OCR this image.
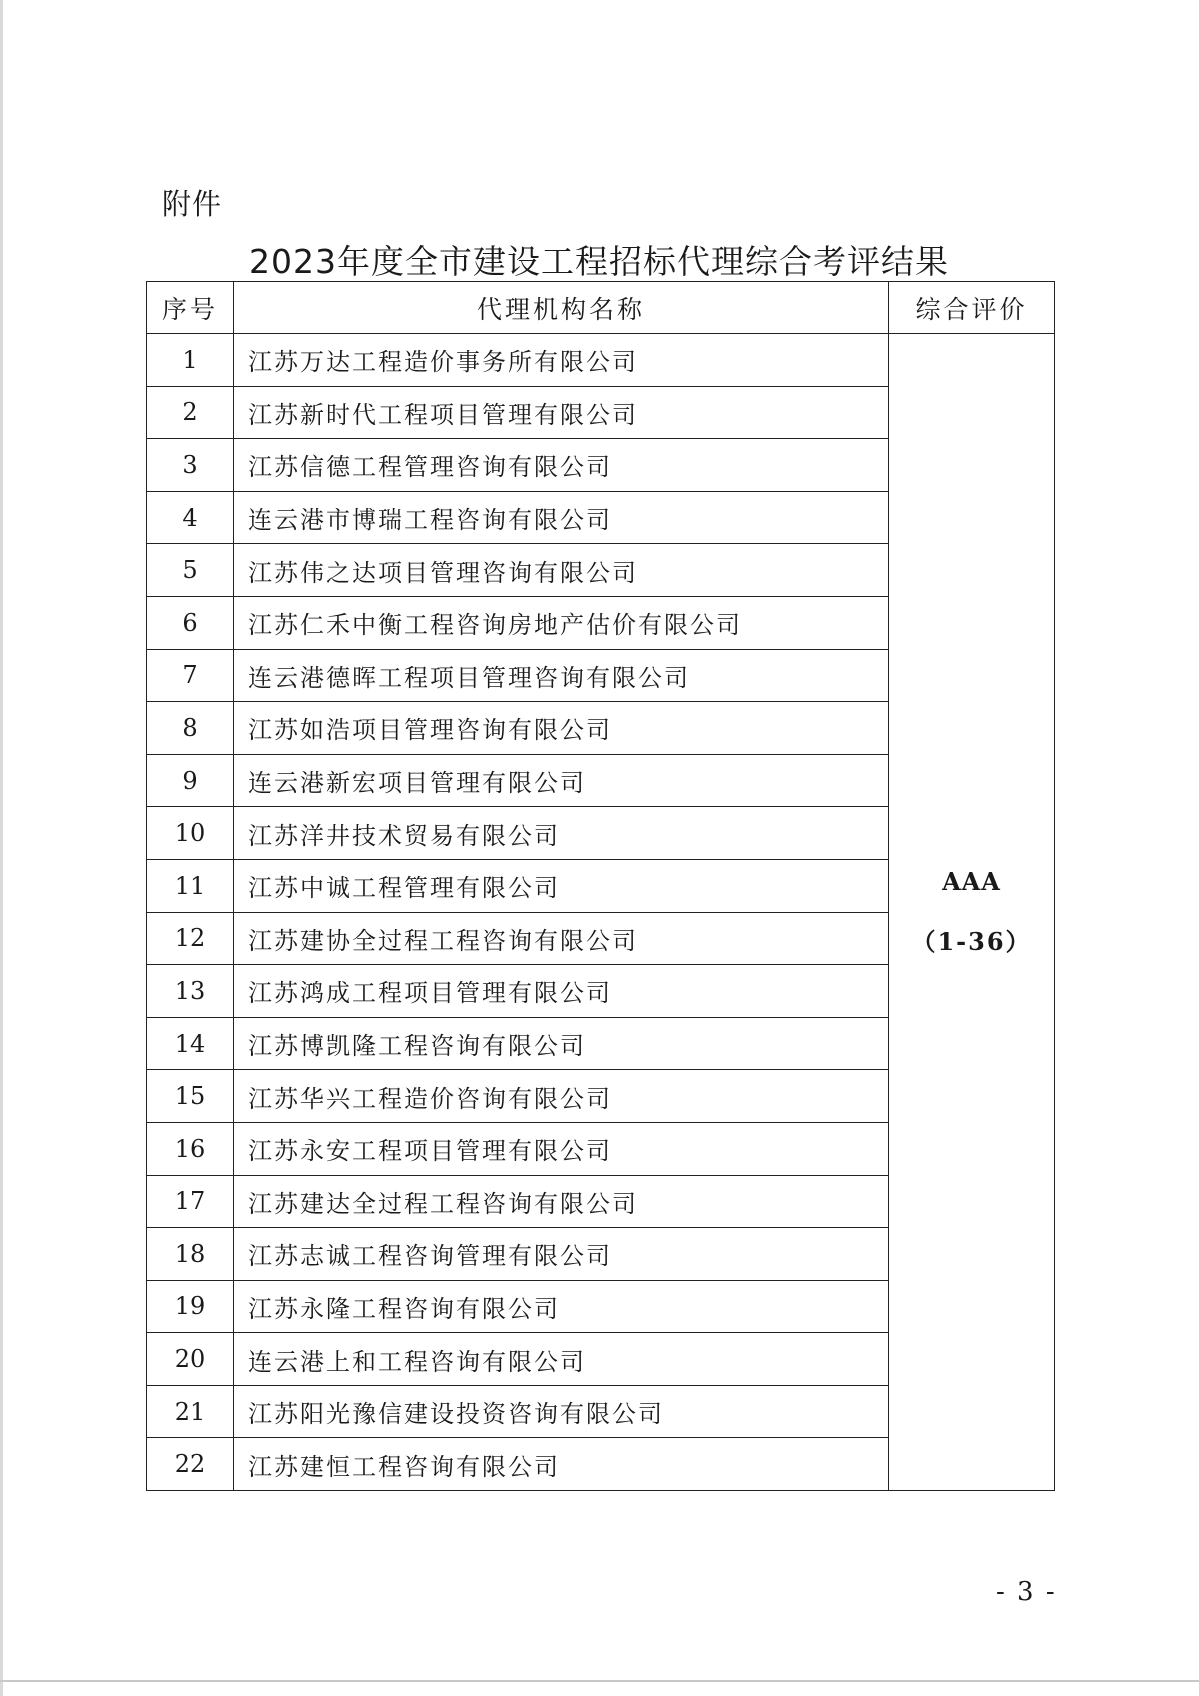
附件
2023年度全市建设工程招标代理综合考评结果
序号	代理机构名称	综合评价
1	江苏万达工程造价事务所有限公司	AAA
（1-36）

2	江苏新时代工程项目管理有限公司	
3	江苏信德工程管理咨询有限公司	
4	连云港市博瑞工程咨询有限公司	
5	江苏伟之达项目管理咨询有限公司	
6	江苏仁禾中衡工程咨询房地产估价有限公司	
7	连云港德晖工程项目管理咨询有限公司	
8	江苏如浩项目管理咨询有限公司	
9	连云港新宏项目管理有限公司	
10	江苏洋井技术贸易有限公司	
11	江苏中诚工程管理有限公司	
12	江苏建协全过程工程咨询有限公司	
13	江苏鸿成工程项目管理有限公司	
14	江苏博凯隆工程咨询有限公司	
15	江苏华兴工程造价咨询有限公司	
16	江苏永安工程项目管理有限公司	
17	江苏建达全过程工程咨询有限公司	
18	江苏志诚工程咨询管理有限公司	
19	江苏永隆工程咨询有限公司	
20	连云港上和工程咨询有限公司	
21	江苏阳光豫信建设投资咨询有限公司	
22	江苏建恒工程咨询有限公司	
- 3 -
